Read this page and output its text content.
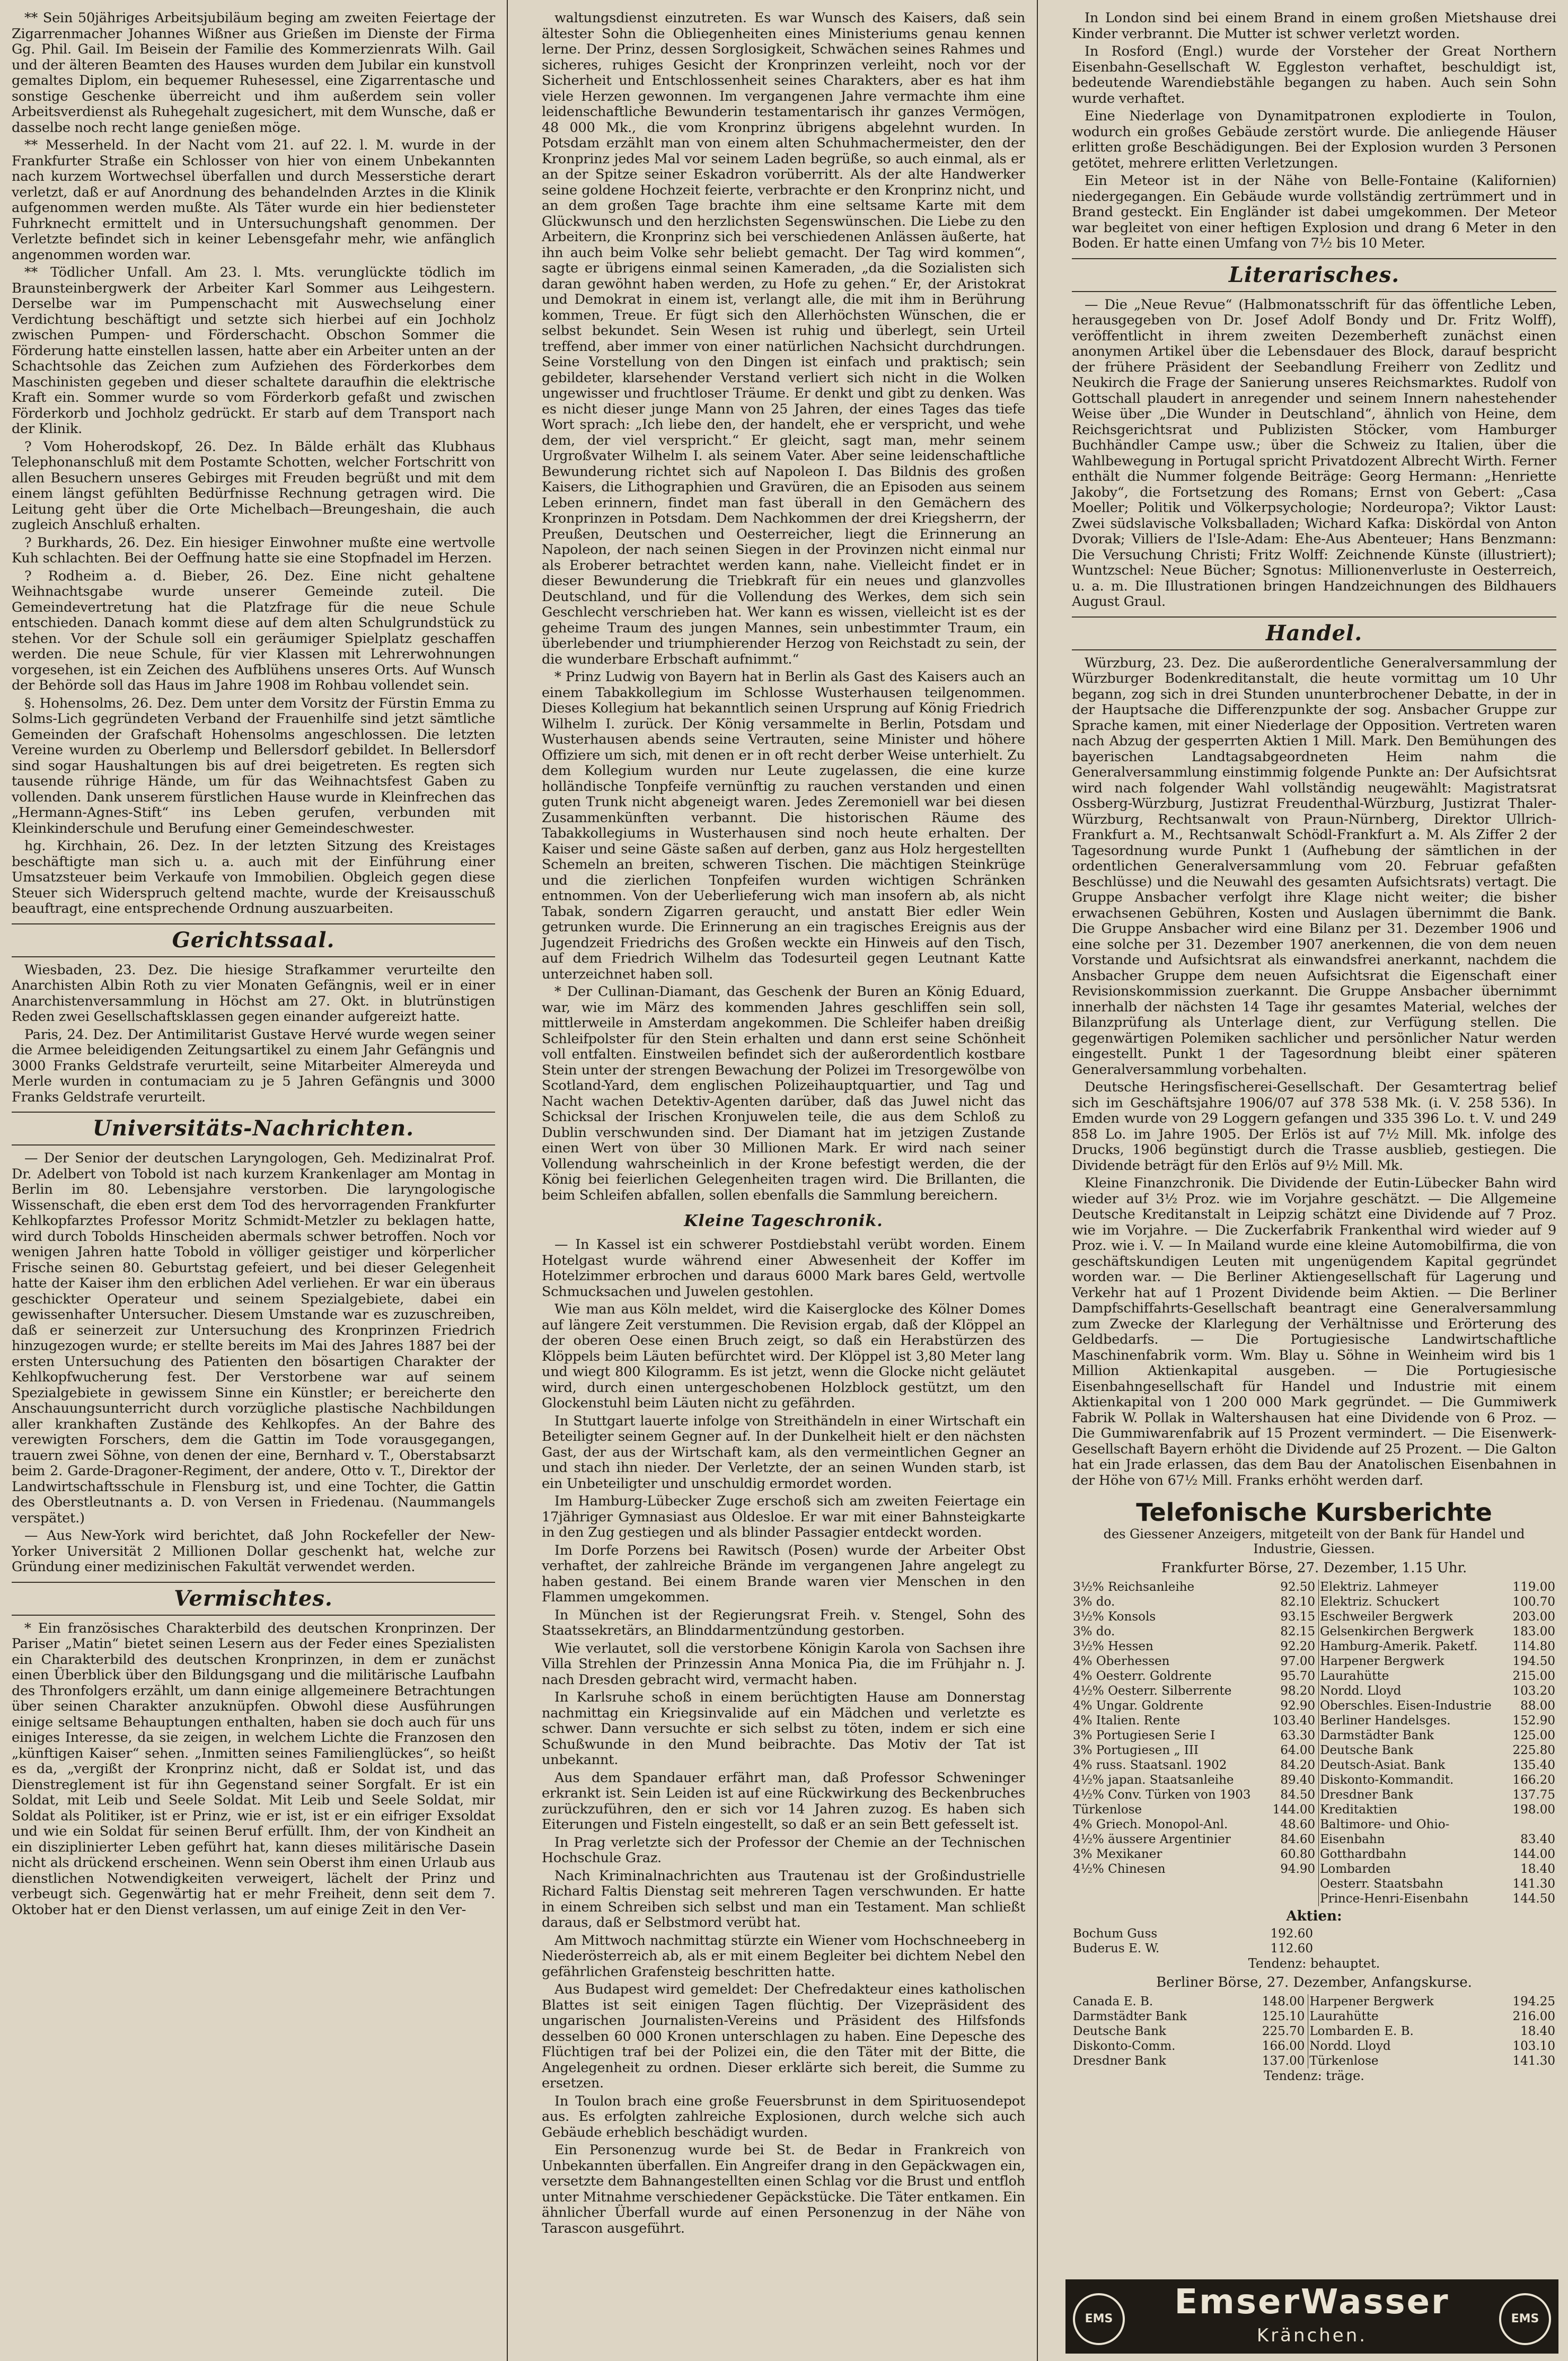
** Sein 50jähriges Arbeitsjubiläum beging am zweiten Feiertage der Zigarrenmacher Johannes Wißner aus Grießen im Dienste der Firma Gg. Phil. Gail. Im Beisein der Familie des Kommerzienrats Wilh. Gail und der älteren Beamten des Hauses wurden dem Jubilar ein kunstvoll gemaltes Diplom, ein bequemer Ruhesessel, eine Zigarrentasche und sonstige Geschenke überreicht und ihm außerdem sein voller Arbeitsverdienst als Ruhegehalt zugesichert, mit dem Wunsche, daß er dasselbe noch recht lange genießen möge.

** Messerheld. In der Nacht vom 21. auf 22. l. M. wurde in der Frankfurter Straße ein Schlosser von hier von einem Unbekannten nach kurzem Wortwechsel überfallen und durch Messerstiche derart verletzt, daß er auf Anordnung des behandelnden Arztes in die Klinik aufgenommen werden mußte. Als Täter wurde ein hier bediensteter Fuhrknecht ermittelt und in Untersuchungshaft genommen. Der Verletzte befindet sich in keiner Lebensgefahr mehr, wie anfänglich angenommen worden war.

** Tödlicher Unfall. Am 23. l. Mts. verunglückte tödlich im Braunsteinbergwerk der Arbeiter Karl Sommer aus Leihgestern. Derselbe war im Pumpenschacht mit Auswechselung einer Verdichtung beschäftigt und setzte sich hierbei auf ein Jochholz zwischen Pumpen- und Förderschacht. Obschon Sommer die Förderung hatte einstellen lassen, hatte aber ein Arbeiter unten an der Schachtsohle das Zeichen zum Aufziehen des Förderkorbes dem Maschinisten gegeben und dieser schaltete daraufhin die elektrische Kraft ein. Sommer wurde so vom Förderkorb gefaßt und zwischen Förderkorb und Jochholz gedrückt. Er starb auf dem Transport nach der Klinik.

? Vom Hoherodskopf, 26. Dez. In Bälde erhält das Klubhaus Telephonanschluß mit dem Postamte Schotten, welcher Fortschritt von allen Besuchern unseres Gebirges mit Freuden begrüßt und mit dem einem längst gefühlten Bedürfnisse Rechnung getragen wird. Die Leitung geht über die Orte Michelbach—Breungeshain, die auch zugleich Anschluß erhalten.

? Burkhards, 26. Dez. Ein hiesiger Einwohner mußte eine wertvolle Kuh schlachten. Bei der Oeffnung hatte sie eine Stopfnadel im Herzen.

? Rodheim a. d. Bieber, 26. Dez. Eine nicht gehaltene Weihnachtsgabe wurde unserer Gemeinde zuteil. Die Gemeindevertretung hat die Platzfrage für die neue Schule entschieden. Danach kommt diese auf dem alten Schulgrundstück zu stehen. Vor der Schule soll ein geräumiger Spielplatz geschaffen werden. Die neue Schule, für vier Klassen mit Lehrerwohnungen vorgesehen, ist ein Zeichen des Aufblühens unseres Orts. Auf Wunsch der Behörde soll das Haus im Jahre 1908 im Rohbau vollendet sein.

§. Hohensolms, 26. Dez. Dem unter dem Vorsitz der Fürstin Emma zu Solms-Lich gegründeten Verband der Frauenhilfe sind jetzt sämtliche Gemeinden der Grafschaft Hohensolms angeschlossen. Die letzten Vereine wurden zu Oberlemp und Bellersdorf gebildet. In Bellersdorf sind sogar Haushaltungen bis auf drei beigetreten. Es regten sich tausende rührige Hände, um für das Weihnachtsfest Gaben zu vollenden. Dank unserem fürstlichen Hause wurde in Kleinfrechen das „Hermann-Agnes-Stift“ ins Leben gerufen, verbunden mit Kleinkinderschule und Berufung einer Gemeindeschwester.

hg. Kirchhain, 26. Dez. In der letzten Sitzung des Kreistages beschäftigte man sich u. a. auch mit der Einführung einer Umsatzsteuer beim Verkaufe von Immobilien. Obgleich gegen diese Steuer sich Widerspruch geltend machte, wurde der Kreisausschuß beauftragt, eine entsprechende Ordnung auszuarbeiten.

Gerichtssaal.

Wiesbaden, 23. Dez. Die hiesige Strafkammer verurteilte den Anarchisten Albin Roth zu vier Monaten Gefängnis, weil er in einer Anarchistenversammlung in Höchst am 27. Okt. in blutrünstigen Reden zwei Gesellschaftsklassen gegen einander aufgereizt hatte.

Paris, 24. Dez. Der Antimilitarist Gustave Hervé wurde wegen seiner die Armee beleidigenden Zeitungsartikel zu einem Jahr Gefängnis und 3000 Franks Geldstrafe verurteilt, seine Mitarbeiter Almereyda und Merle wurden in contumaciam zu je 5 Jahren Gefängnis und 3000 Franks Geldstrafe verurteilt.

Universitäts-Nachrichten.

— Der Senior der deutschen Laryngologen, Geh. Medizinalrat Prof. Dr. Adelbert von Tobold ist nach kurzem Krankenlager am Montag in Berlin im 80. Lebensjahre verstorben. Die laryngologische Wissenschaft, die eben erst dem Tod des hervorragenden Frankfurter Kehlkopfarztes Professor Moritz Schmidt-Metzler zu beklagen hatte, wird durch Tobolds Hinscheiden abermals schwer betroffen. Noch vor wenigen Jahren hatte Tobold in völliger geistiger und körperlicher Frische seinen 80. Geburtstag gefeiert, und bei dieser Gelegenheit hatte der Kaiser ihm den erblichen Adel verliehen. Er war ein überaus geschickter Operateur und seinem Spezialgebiete, dabei ein gewissenhafter Untersucher. Diesem Umstande war es zuzuschreiben, daß er seinerzeit zur Untersuchung des Kronprinzen Friedrich hinzugezogen wurde; er stellte bereits im Mai des Jahres 1887 bei der ersten Untersuchung des Patienten den bösartigen Charakter der Kehlkopfwucherung fest. Der Verstorbene war auf seinem Spezialgebiete in gewissem Sinne ein Künstler; er bereicherte den Anschauungsunterricht durch vorzügliche plastische Nachbildungen aller krankhaften Zustände des Kehlkopfes. An der Bahre des verewigten Forschers, dem die Gattin im Tode vorausgegangen, trauern zwei Söhne, von denen der eine, Bernhard v. T., Oberstabsarzt beim 2. Garde-Dragoner-Regiment, der andere, Otto v. T., Direktor der Landwirtschaftsschule in Flensburg ist, und eine Tochter, die Gattin des Oberstleutnants a. D. von Versen in Friedenau. (Naummangels verspätet.)

— Aus New-York wird berichtet, daß John Rockefeller der New-Yorker Universität 2 Millionen Dollar geschenkt hat, welche zur Gründung einer medizinischen Fakultät verwendet werden.

Vermischtes.

* Ein französisches Charakterbild des deutschen Kronprinzen. Der Pariser „Matin“ bietet seinen Lesern aus der Feder eines Spezialisten ein Charakterbild des deutschen Kronprinzen, in dem er zunächst einen Überblick über den Bildungsgang und die militärische Laufbahn des Thronfolgers erzählt, um dann einige allgemeinere Betrachtungen über seinen Charakter anzuknüpfen. Obwohl diese Ausführungen einige seltsame Behauptungen enthalten, haben sie doch auch für uns einiges Interesse, da sie zeigen, in welchem Lichte die Franzosen den „künftigen Kaiser“ sehen. „Inmitten seines Familienglückes“, so heißt es da, „vergißt der Kronprinz nicht, daß er Soldat ist, und das Dienstreglement ist für ihn Gegenstand seiner Sorgfalt. Er ist ein Soldat, mit Leib und Seele Soldat. Mit Leib und Seele Soldat, mir Soldat als Politiker, ist er Prinz, wie er ist, ist er ein eifriger Exsoldat und wie ein Soldat für seinen Beruf erfüllt. Ihm, der von Kindheit an ein disziplinierter Leben geführt hat, kann dieses militärische Dasein nicht als drückend erscheinen. Wenn sein Oberst ihm einen Urlaub aus dienstlichen Notwendigkeiten verweigert, lächelt der Prinz und verbeugt sich. Gegenwärtig hat er mehr Freiheit, denn seit dem 7. Oktober hat er den Dienst verlassen, um auf einige Zeit in den Ver-

waltungsdienst einzutreten. Es war Wunsch des Kaisers, daß sein ältester Sohn die Obliegenheiten eines Ministeriums genau kennen lerne. Der Prinz, dessen Sorglosigkeit, Schwächen seines Rahmes und sicheres, ruhiges Gesicht der Kronprinzen verleiht, noch vor der Sicherheit und Entschlossenheit seines Charakters, aber es hat ihm viele Herzen gewonnen. Im vergangenen Jahre vermachte ihm eine leidenschaftliche Bewunderin testamentarisch ihr ganzes Vermögen, 48 000 Mk., die vom Kronprinz übrigens abgelehnt wurden. In Potsdam erzählt man von einem alten Schuhmachermeister, den der Kronprinz jedes Mal vor seinem Laden begrüße, so auch einmal, als er an der Spitze seiner Eskadron vorüberritt. Als der alte Handwerker seine goldene Hochzeit feierte, verbrachte er den Kronprinz nicht, und an dem großen Tage brachte ihm eine seltsame Karte mit dem Glückwunsch und den herzlichsten Segenswünschen. Die Liebe zu den Arbeitern, die Kronprinz sich bei verschiedenen Anlässen äußerte, hat ihn auch beim Volke sehr beliebt gemacht. Der Tag wird kommen“, sagte er übrigens einmal seinen Kameraden, „da die Sozialisten sich daran gewöhnt haben werden, zu Hofe zu gehen.“ Er, der Aristokrat und Demokrat in einem ist, verlangt alle, die mit ihm in Berührung kommen, Treue. Er fügt sich den Allerhöchsten Wünschen, die er selbst bekundet. Sein Wesen ist ruhig und überlegt, sein Urteil treffend, aber immer von einer natürlichen Nachsicht durchdrungen. Seine Vorstellung von den Dingen ist einfach und praktisch; sein gebildeter, klarsehender Verstand verliert sich nicht in die Wolken ungewisser und fruchtloser Träume. Er denkt und gibt zu denken. Was es nicht dieser junge Mann von 25 Jahren, der eines Tages das tiefe Wort sprach: „Ich liebe den, der handelt, ehe er verspricht, und wehe dem, der viel verspricht.“ Er gleicht, sagt man, mehr seinem Urgroßvater Wilhelm I. als seinem Vater. Aber seine leidenschaftliche Bewunderung richtet sich auf Napoleon I. Das Bildnis des großen Kaisers, die Lithographien und Gravüren, die an Episoden aus seinem Leben erinnern, findet man fast überall in den Gemächern des Kronprinzen in Potsdam. Dem Nachkommen der drei Kriegsherrn, der Preußen, Deutschen und Oesterreicher, liegt die Erinnerung an Napoleon, der nach seinen Siegen in der Provinzen nicht einmal nur als Eroberer betrachtet werden kann, nahe. Vielleicht findet er in dieser Bewunderung die Triebkraft für ein neues und glanzvolles Deutschland, und für die Vollendung des Werkes, dem sich sein Geschlecht verschrieben hat. Wer kann es wissen, vielleicht ist es der geheime Traum des jungen Mannes, sein unbestimmter Traum, ein überlebender und triumphierender Herzog von Reichstadt zu sein, der die wunderbare Erbschaft aufnimmt.“

* Prinz Ludwig von Bayern hat in Berlin als Gast des Kaisers auch an einem Tabakkollegium im Schlosse Wusterhausen teilgenommen. Dieses Kollegium hat bekanntlich seinen Ursprung auf König Friedrich Wilhelm I. zurück. Der König versammelte in Berlin, Potsdam und Wusterhausen abends seine Vertrauten, seine Minister und höhere Offiziere um sich, mit denen er in oft recht derber Weise unterhielt. Zu dem Kollegium wurden nur Leute zugelassen, die eine kurze holländische Tonpfeife vernünftig zu rauchen verstanden und einen guten Trunk nicht abgeneigt waren. Jedes Zeremoniell war bei diesen Zusammenkünften verbannt. Die historischen Räume des Tabakkollegiums in Wusterhausen sind noch heute erhalten. Der Kaiser und seine Gäste saßen auf derben, ganz aus Holz hergestellten Schemeln an breiten, schweren Tischen. Die mächtigen Steinkrüge und die zierlichen Tonpfeifen wurden wichtigen Schränken entnommen. Von der Ueberlieferung wich man insofern ab, als nicht Tabak, sondern Zigarren geraucht, und anstatt Bier edler Wein getrunken wurde. Die Erinnerung an ein tragisches Ereignis aus der Jugendzeit Friedrichs des Großen weckte ein Hinweis auf den Tisch, auf dem Friedrich Wilhelm das Todesurteil gegen Leutnant Katte unterzeichnet haben soll.

* Der Cullinan-Diamant, das Geschenk der Buren an König Eduard, war, wie im März des kommenden Jahres geschliffen sein soll, mittlerweile in Amsterdam angekommen. Die Schleifer haben dreißig Schleifpolster für den Stein erhalten und dann erst seine Schönheit voll entfalten. Einstweilen befindet sich der außerordentlich kostbare Stein unter der strengen Bewachung der Polizei im Tresorgewölbe von Scotland-Yard, dem englischen Polizeihauptquartier, und Tag und Nacht wachen Detektiv-Agenten darüber, daß das Juwel nicht das Schicksal der Irischen Kronjuwelen teile, die aus dem Schloß zu Dublin verschwunden sind. Der Diamant hat im jetzigen Zustande einen Wert von über 30 Millionen Mark. Er wird nach seiner Vollendung wahrscheinlich in der Krone befestigt werden, die der König bei feierlichen Gelegenheiten tragen wird. Die Brillanten, die beim Schleifen abfallen, sollen ebenfalls die Sammlung bereichern.

Kleine Tageschronik.

— In Kassel ist ein schwerer Postdiebstahl verübt worden. Einem Hotelgast wurde während einer Abwesenheit der Koffer im Hotelzimmer erbrochen und daraus 6000 Mark bares Geld, wertvolle Schmucksachen und Juwelen gestohlen.

Wie man aus Köln meldet, wird die Kaiserglocke des Kölner Domes auf längere Zeit verstummen. Die Revision ergab, daß der Klöppel an der oberen Oese einen Bruch zeigt, so daß ein Herabstürzen des Klöppels beim Läuten befürchtet wird. Der Klöppel ist 3,80 Meter lang und wiegt 800 Kilogramm. Es ist jetzt, wenn die Glocke nicht geläutet wird, durch einen untergeschobenen Holzblock gestützt, um den Glockenstuhl beim Läuten nicht zu gefährden.

In Stuttgart lauerte infolge von Streithändeln in einer Wirtschaft ein Beteiligter seinem Gegner auf. In der Dunkelheit hielt er den nächsten Gast, der aus der Wirtschaft kam, als den vermeintlichen Gegner an und stach ihn nieder. Der Verletzte, der an seinen Wunden starb, ist ein Unbeteiligter und unschuldig ermordet worden.

Im Hamburg-Lübecker Zuge erschoß sich am zweiten Feiertage ein 17jähriger Gymnasiast aus Oldesloe. Er war mit einer Bahnsteigkarte in den Zug gestiegen und als blinder Passagier entdeckt worden.

Im Dorfe Porzens bei Rawitsch (Posen) wurde der Arbeiter Obst verhaftet, der zahlreiche Brände im vergangenen Jahre angelegt zu haben gestand. Bei einem Brande waren vier Menschen in den Flammen umgekommen.

In München ist der Regierungsrat Freih. v. Stengel, Sohn des Staatssekretärs, an Blinddarmentzündung gestorben.

Wie verlautet, soll die verstorbene Königin Karola von Sachsen ihre Villa Strehlen der Prinzessin Anna Monica Pia, die im Frühjahr n. J. nach Dresden gebracht wird, vermacht haben.

In Karlsruhe schoß in einem berüchtigten Hause am Donnerstag nachmittag ein Kriegsinvalide auf ein Mädchen und verletzte es schwer. Dann versuchte er sich selbst zu töten, indem er sich eine Schußwunde in den Mund beibrachte. Das Motiv der Tat ist unbekannt.

Aus dem Spandauer erfährt man, daß Professor Schweninger erkrankt ist. Sein Leiden ist auf eine Rückwirkung des Beckenbruches zurückzuführen, den er sich vor 14 Jahren zuzog. Es haben sich Eiterungen und Fisteln eingestellt, so daß er an sein Bett gefesselt ist.

In Prag verletzte sich der Professor der Chemie an der Technischen Hochschule Graz.

Nach Kriminalnachrichten aus Trautenau ist der Großindustrielle Richard Faltis Dienstag seit mehreren Tagen verschwunden. Er hatte in einem Schreiben sich selbst und man ein Testament. Man schließt daraus, daß er Selbstmord verübt hat.

Am Mittwoch nachmittag stürzte ein Wiener vom Hochschneeberg in Niederösterreich ab, als er mit einem Begleiter bei dichtem Nebel den gefährlichen Grafensteig beschritten hatte.

Aus Budapest wird gemeldet: Der Chefredakteur eines katholischen Blattes ist seit einigen Tagen flüchtig. Der Vizepräsident des ungarischen Journalisten-Vereins und Präsident des Hilfsfonds desselben 60 000 Kronen unterschlagen zu haben. Eine Depesche des Flüchtigen traf bei der Polizei ein, die den Täter mit der Bitte, die Angelegenheit zu ordnen. Dieser erklärte sich bereit, die Summe zu ersetzen.

In Toulon brach eine große Feuersbrunst in dem Spirituosendepot aus. Es erfolgten zahlreiche Explosionen, durch welche sich auch Gebäude erheblich beschädigt wurden.

Ein Personenzug wurde bei St. de Bedar in Frankreich von Unbekannten überfallen. Ein Angreifer drang in den Gepäckwagen ein, versetzte dem Bahnangestellten einen Schlag vor die Brust und entfloh unter Mitnahme verschiedener Gepäckstücke. Die Täter entkamen. Ein ähnlicher Überfall wurde auf einen Personenzug in der Nähe von Tarascon ausgeführt.

In London sind bei einem Brand in einem großen Mietshause drei Kinder verbrannt. Die Mutter ist schwer verletzt worden.

In Rosford (Engl.) wurde der Vorsteher der Great Northern Eisenbahn-Gesellschaft W. Eggleston verhaftet, beschuldigt ist, bedeutende Warendiebstähle begangen zu haben. Auch sein Sohn wurde verhaftet.

Eine Niederlage von Dynamitpatronen explodierte in Toulon, wodurch ein großes Gebäude zerstört wurde. Die anliegende Häuser erlitten große Beschädigungen. Bei der Explosion wurden 3 Personen getötet, mehrere erlitten Verletzungen.

Ein Meteor ist in der Nähe von Belle-Fontaine (Kalifornien) niedergegangen. Ein Gebäude wurde vollständig zertrümmert und in Brand gesteckt. Ein Engländer ist dabei umgekommen. Der Meteor war begleitet von einer heftigen Explosion und drang 6 Meter in den Boden. Er hatte einen Umfang von 7½ bis 10 Meter.

Literarisches.

— Die „Neue Revue“ (Halbmonatsschrift für das öffentliche Leben, herausgegeben von Dr. Josef Adolf Bondy und Dr. Fritz Wolff), veröffentlicht in ihrem zweiten Dezemberheft zunächst einen anonymen Artikel über die Lebensdauer des Block, darauf bespricht der frühere Präsident der Seebandlung Freiherr von Zedlitz und Neukirch die Frage der Sanierung unseres Reichsmarktes. Rudolf von Gottschall plaudert in anregender und seinem Innern nahestehender Weise über „Die Wunder in Deutschland“, ähnlich von Heine, dem Reichsgerichtsrat und Publizisten Stöcker, vom Hamburger Buchhändler Campe usw.; über die Schweiz zu Italien, über die Wahlbewegung in Portugal spricht Privatdozent Albrecht Wirth. Ferner enthält die Nummer folgende Beiträge: Georg Hermann: „Henriette Jakoby“, die Fortsetzung des Romans; Ernst von Gebert: „Casa Moeller; Politik und Völkerpsychologie; Nordeuropa?; Viktor Laust: Zwei südslavische Volksballaden; Wichard Kafka: Diskördal von Anton Dvorak; Villiers de l'Isle-Adam: Ehe-Aus Abenteuer; Hans Benzmann: Die Versuchung Christi; Fritz Wolff: Zeichnende Künste (illustriert); Wuntzschel: Neue Bücher; Sgnotus: Millionenverluste in Oesterreich, u. a. m. Die Illustrationen bringen Handzeichnungen des Bildhauers August Graul.

Handel.

Würzburg, 23. Dez. Die außerordentliche Generalversammlung der Würzburger Bodenkreditanstalt, die heute vormittag um 10 Uhr begann, zog sich in drei Stunden ununterbrochener Debatte, in der in der Hauptsache die Differenzpunkte der sog. Ansbacher Gruppe zur Sprache kamen, mit einer Niederlage der Opposition. Vertreten waren nach Abzug der gesperrten Aktien 1 Mill. Mark. Den Bemühungen des bayerischen Landtagsabgeordneten Heim nahm die Generalversammlung einstimmig folgende Punkte an: Der Aufsichtsrat wird nach folgender Wahl vollständig neugewählt: Magistratsrat Ossberg-Würzburg, Justizrat Freudenthal-Würzburg, Justizrat Thaler-Würzburg, Rechtsanwalt von Praun-Nürnberg, Direktor Ullrich-Frankfurt a. M., Rechtsanwalt Schödl-Frankfurt a. M. Als Ziffer 2 der Tagesordnung wurde Punkt 1 (Aufhebung der sämtlichen in der ordentlichen Generalversammlung vom 20. Februar gefaßten Beschlüsse) und die Neuwahl des gesamten Aufsichtsrats) vertagt. Die Gruppe Ansbacher verfolgt ihre Klage nicht weiter; die bisher erwachsenen Gebühren, Kosten und Auslagen übernimmt die Bank. Die Gruppe Ansbacher wird eine Bilanz per 31. Dezember 1906 und eine solche per 31. Dezember 1907 anerkennen, die von dem neuen Vorstande und Aufsichtsrat als einwandsfrei anerkannt, nachdem die Ansbacher Gruppe dem neuen Aufsichtsrat die Eigenschaft einer Revisionskommission zuerkannt. Die Gruppe Ansbacher übernimmt innerhalb der nächsten 14 Tage ihr gesamtes Material, welches der Bilanzprüfung als Unterlage dient, zur Verfügung stellen. Die gegenwärtigen Polemiken sachlicher und persönlicher Natur werden eingestellt. Punkt 1 der Tagesordnung bleibt einer späteren Generalversammlung vorbehalten.

Deutsche Heringsfischerei-Gesellschaft. Der Gesamtertrag belief sich im Geschäftsjahre 1906/07 auf 378 538 Mk. (i. V. 258 536). In Emden wurde von 29 Loggern gefangen und 335 396 Lo. t. V. und 249 858 Lo. im Jahre 1905. Der Erlös ist auf 7½ Mill. Mk. infolge des Drucks, 1906 begünstigt durch die Trasse ausblieb, gestiegen. Die Dividende beträgt für den Erlös auf 9½ Mill. Mk.

Kleine Finanzchronik. Die Dividende der Eutin-Lübecker Bahn wird wieder auf 3½ Proz. wie im Vorjahre geschätzt. — Die Allgemeine Deutsche Kreditanstalt in Leipzig schätzt eine Dividende auf 7 Proz. wie im Vorjahre. — Die Zuckerfabrik Frankenthal wird wieder auf 9 Proz. wie i. V. — In Mailand wurde eine kleine Automobilfirma, die von geschäftskundigen Leuten mit ungenügendem Kapital gegründet worden war. — Die Berliner Aktiengesellschaft für Lagerung und Verkehr hat auf 1 Prozent Dividende beim Aktien. — Die Berliner Dampfschiffahrts-Gesellschaft beantragt eine Generalversammlung zum Zwecke der Klarlegung der Verhältnisse und Erörterung des Geldbedarfs. — Die Portugiesische Landwirtschaftliche Maschinenfabrik vorm. Wm. Blay u. Söhne in Weinheim wird bis 1 Million Aktienkapital ausgeben. — Die Portugiesische Eisenbahngesellschaft für Handel und Industrie mit einem Aktienkapital von 1 200 000 Mark gegründet. — Die Gummiwerk Fabrik W. Pollak in Waltershausen hat eine Dividende von 6 Proz. — Die Gummiwarenfabrik auf 15 Prozent vermindert. — Die Eisenwerk-Gesellschaft Bayern erhöht die Dividende auf 25 Prozent. — Die Galton hat ein Jrade erlassen, das dem Bau der Anatolischen Eisenbahnen in der Höhe von 67½ Mill. Franks erhöht werden darf.

Telefonische Kursberichte
des Giessener Anzeigers, mitgeteilt von der Bank für Handel und Industrie, Giessen.
Frankfurter Börse, 27. Dezember, 1.15 Uhr.
3½% Reichsanleihe	92.50	Elektriz. Lahmeyer	119.00
3% do.	82.10	Elektriz. Schuckert	100.70
3½% Konsols	93.15	Eschweiler Bergwerk	203.00
3% do.	82.15	Gelsenkirchen Bergwerk	183.00
3½% Hessen	92.20	Hamburg-Amerik. Paketf.	114.80
4% Oberhessen	97.00	Harpener Bergwerk	194.50
4% Oesterr. Goldrente	95.70	Laurahütte	215.00
4½% Oesterr. Silberrente	98.20	Nordd. Lloyd	103.20
4% Ungar. Goldrente	92.90	Oberschles. Eisen-Industrie	88.00
4% Italien. Rente	103.40	Berliner Handelsges.	152.90
3% Portugiesen Serie I	63.30	Darmstädter Bank	125.00
3% Portugiesen „ III	64.00	Deutsche Bank	225.80
4% russ. Staatsanl. 1902	84.20	Deutsch-Asiat. Bank	135.40
4½% japan. Staatsanleihe	89.40	Diskonto-Kommandit.	166.20
4½% Conv. Türken von 1903	84.50	Dresdner Bank	137.75
Türkenlose	144.00	Kreditaktien	198.00
4% Griech. Monopol-Anl.	48.60	Baltimore- und Ohio-	
4½% äussere Argentinier	84.60	Eisenbahn	83.40
3% Mexikaner	60.80	Gotthardbahn	144.00
4½% Chinesen	94.90	Lombarden	18.40
		Oesterr. Staatsbahn	141.30
		Prince-Henri-Eisenbahn	144.50
Aktien:
Bochum Guss	192.60
Buderus E. W.	112.60
Tendenz: behauptet.
Berliner Börse, 27. Dezember, Anfangskurse.
Canada E. B.	148.00	Harpener Bergwerk	194.25
Darmstädter Bank	125.10	Laurahütte	216.00
Deutsche Bank	225.70	Lombarden E. B.	18.40
Diskonto-Comm.	166.00	Nordd. Lloyd	103.10
Dresdner Bank	137.00	Türkenlose	141.30
Tendenz: träge.
EMS	EmserWasser
Kränchen.
EMS
